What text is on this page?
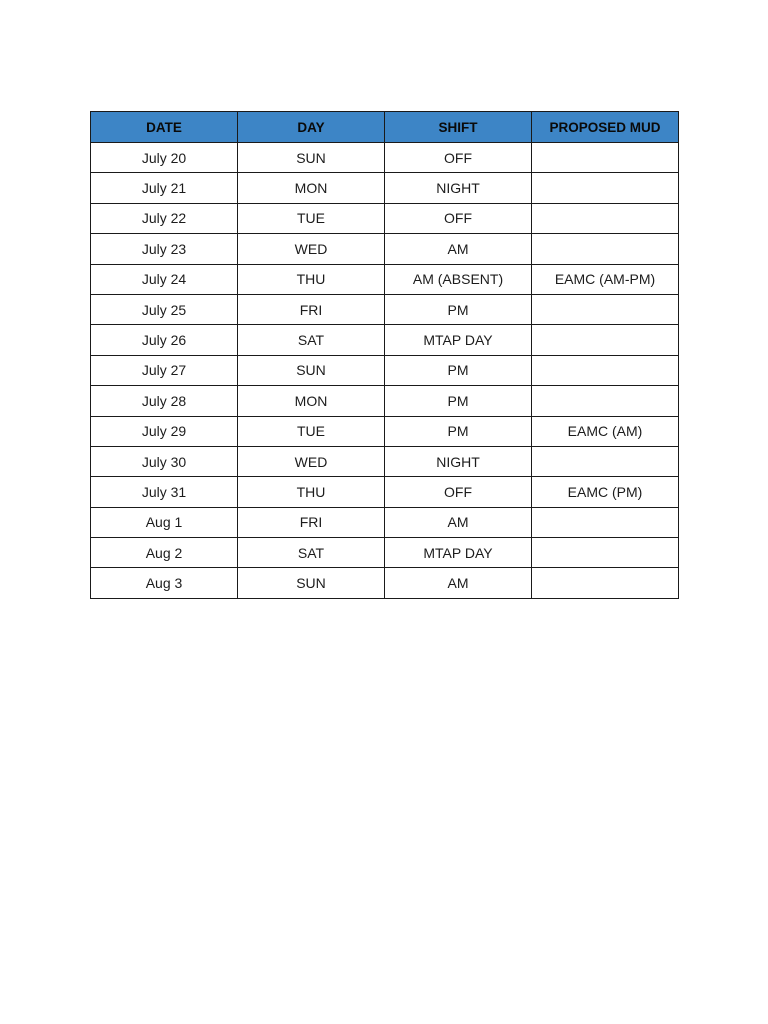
DATE	DAY	SHIFT	PROPOSED MUD
July 20	SUN	OFF	
July 21	MON	NIGHT	
July 22	TUE	OFF	
July 23	WED	AM	
July 24	THU	AM (ABSENT)	EAMC (AM-PM)
July 25	FRI	PM	
July 26	SAT	MTAP DAY	
July 27	SUN	PM	
July 28	MON	PM	
July 29	TUE	PM	EAMC (AM)
July 30	WED	NIGHT	
July 31	THU	OFF	EAMC (PM)
Aug 1	FRI	AM	
Aug 2	SAT	MTAP DAY	
Aug 3	SUN	AM	
